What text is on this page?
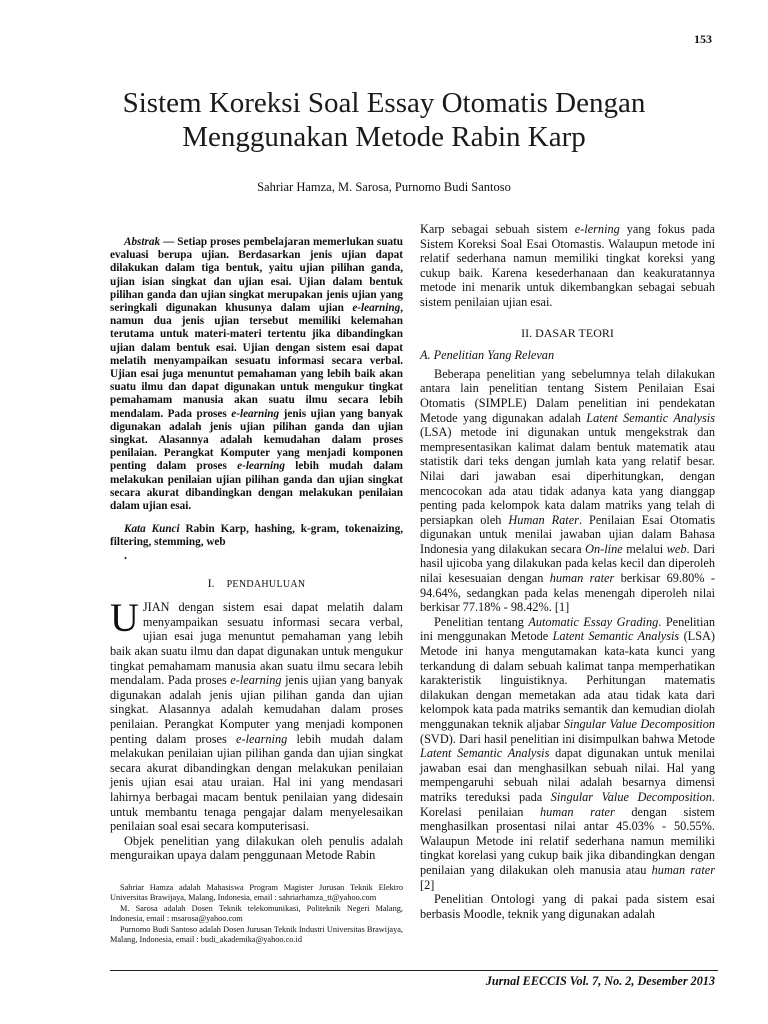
153
Sistem Koreksi Soal Essay Otomatis Dengan
Menggunakan Metode Rabin Karp
Sahriar Hamza, M. Sarosa, Purnomo Budi Santoso

Abstrak — Setiap proses pembelajaran memerlukan suatu evaluasi berupa ujian. Berdasarkan jenis ujian dapat dilakukan dalam tiga bentuk, yaitu ujian pilihan ganda, ujian isian singkat dan ujian esai. Ujian dalam bentuk pilihan ganda dan ujian singkat merupakan jenis ujian yang seringkali digunakan khusunya dalam ujian e-learning, namun dua jenis ujian tersebut memiliki kelemahan terutama untuk materi-materi tertentu jika dibandingkan ujian dalam bentuk esai. Ujian dengan sistem esai dapat melatih menyampaikan sesuatu informasi secara verbal. Ujian esai juga menuntut pemahaman yang lebih baik akan suatu ilmu dan dapat digunakan untuk mengukur tingkat pemahamam manusia akan suatu ilmu secara lebih mendalam. Pada proses e-learning jenis ujian yang banyak digunakan adalah jenis ujian pilihan ganda dan ujian singkat. Alasannya adalah kemudahan dalam proses penilaian. Perangkat Komputer yang menjadi komponen penting dalam proses e-learning lebih mudah dalam melakukan penilaian ujian pilihan ganda dan ujian singkat secara akurat dibandingkan dengan melakukan penilaian dalam ujian esai.

Kata Kunci Rabin Karp, hashing, k-gram, tokenaizing, filtering, stemming, web

.

I. PENDAHULUAN

UJIAN dengan sistem esai dapat melatih dalam menyampaikan sesuatu informasi secara verbal, ujian esai juga menuntut pemahaman yang lebih baik akan suatu ilmu dan dapat digunakan untuk mengukur tingkat pemahamam manusia akan suatu ilmu secara lebih mendalam. Pada proses e-learning jenis ujian yang banyak digunakan adalah jenis ujian pilihan ganda dan ujian singkat. Alasannya adalah kemudahan dalam proses penilaian. Perangkat Komputer yang menjadi komponen penting dalam proses e-learning lebih mudah dalam melakukan penilaian ujian pilihan ganda dan ujian singkat secara akurat dibandingkan dengan melakukan penilaian jenis ujian esai atau uraian. Hal ini yang mendasari lahirnya berbagai macam bentuk penilaian yang didesain untuk membantu tenaga pengajar dalam menyelesaikan penilaian soal esai secara komputerisasi.

Objek penelitian yang dilakukan oleh penulis adalah menguraikan upaya dalam penggunaan Metode Rabin

Sahriar Hamza adalah Mahasiswa Program Magister Jurusan Teknik Elektro Universitas Brawijaya, Malang, Indonesia, email : sahriarhamza_tt@yahoo.com

M. Sarosa adalah Dosen Teknik telekomunikasi, Politeknik Negeri Malang, Indonesia, email : msarosa@yahoo.com

Purnomo Budi Santoso adalah Dosen Jurusan Teknik Industri Universitas Brawijaya, Malang, Indonesia, email : budi_akademika@yahoo.co.id

Karp sebagai sebuah sistem e-lerning yang fokus pada Sistem Koreksi Soal Esai Otomastis. Walaupun metode ini relatif sederhana namun memiliki tingkat koreksi yang cukup baik. Karena kesederhanaan dan keakuratannya metode ini menarik untuk dikembangkan sebagai sebuah sistem penilaian ujian esai.

II. DASAR TEORI
A. Penelitian Yang Relevan

Beberapa penelitian yang sebelumnya telah dilakukan antara lain penelitian tentang Sistem Penilaian Esai Otomatis (SIMPLE) Dalam penelitian ini pendekatan Metode yang digunakan adalah Latent Semantic Analysis (LSA) metode ini digunakan untuk mengekstrak dan mempresentasikan kalimat dalam bentuk matematik atau statistik dari teks dengan jumlah kata yang relatif besar. Nilai dari jawaban esai diperhitungkan, dengan mencocokan ada atau tidak adanya kata yang dianggap penting pada kelompok kata dalam matriks yang telah di persiapkan oleh Human Rater. Penilaian Esai Otomatis digunakan untuk menilai jawaban ujian dalam Bahasa Indonesia yang dilakukan secara On-line melalui web. Dari hasil ujicoba yang dilakukan pada kelas kecil dan diperoleh nilai kesesuaian dengan human rater berkisar 69.80% - 94.64%, sedangkan pada kelas menengah diperoleh nilai berkisar 77.18% - 98.42%. [1]

Penelitian tentang Automatic Essay Grading. Penelitian ini menggunakan Metode Latent Semantic Analysis (LSA) Metode ini hanya mengutamakan kata-kata kunci yang terkandung di dalam sebuah kalimat tanpa memperhatikan karakteristik linguistiknya. Perhitungan matematis dilakukan dengan memetakan ada atau tidak kata dari kelompok kata pada matriks semantik dan kemudian diolah menggunakan teknik aljabar Singular Value Decomposition (SVD). Dari hasil penelitian ini disimpulkan bahwa Metode Latent Semantic Analysis dapat digunakan untuk menilai jawaban esai dan menghasilkan sebuah nilai. Hal yang mempengaruhi sebuah nilai adalah besarnya dimensi matriks tereduksi pada Singular Value Decomposition. Korelasi penilaian human rater dengan sistem menghasilkan prosentasi nilai antar 45.03% - 50.55%. Walaupun Metode ini relatif sederhana namun memiliki tingkat korelasi yang cukup baik jika dibandingkan dengan penilaian yang dilakukan oleh manusia atau human rater [2]

Penelitian Ontologi yang di pakai pada sistem esai berbasis Moodle, teknik yang digunakan adalah

Jurnal EECCIS Vol. 7, No. 2, Desember 2013
